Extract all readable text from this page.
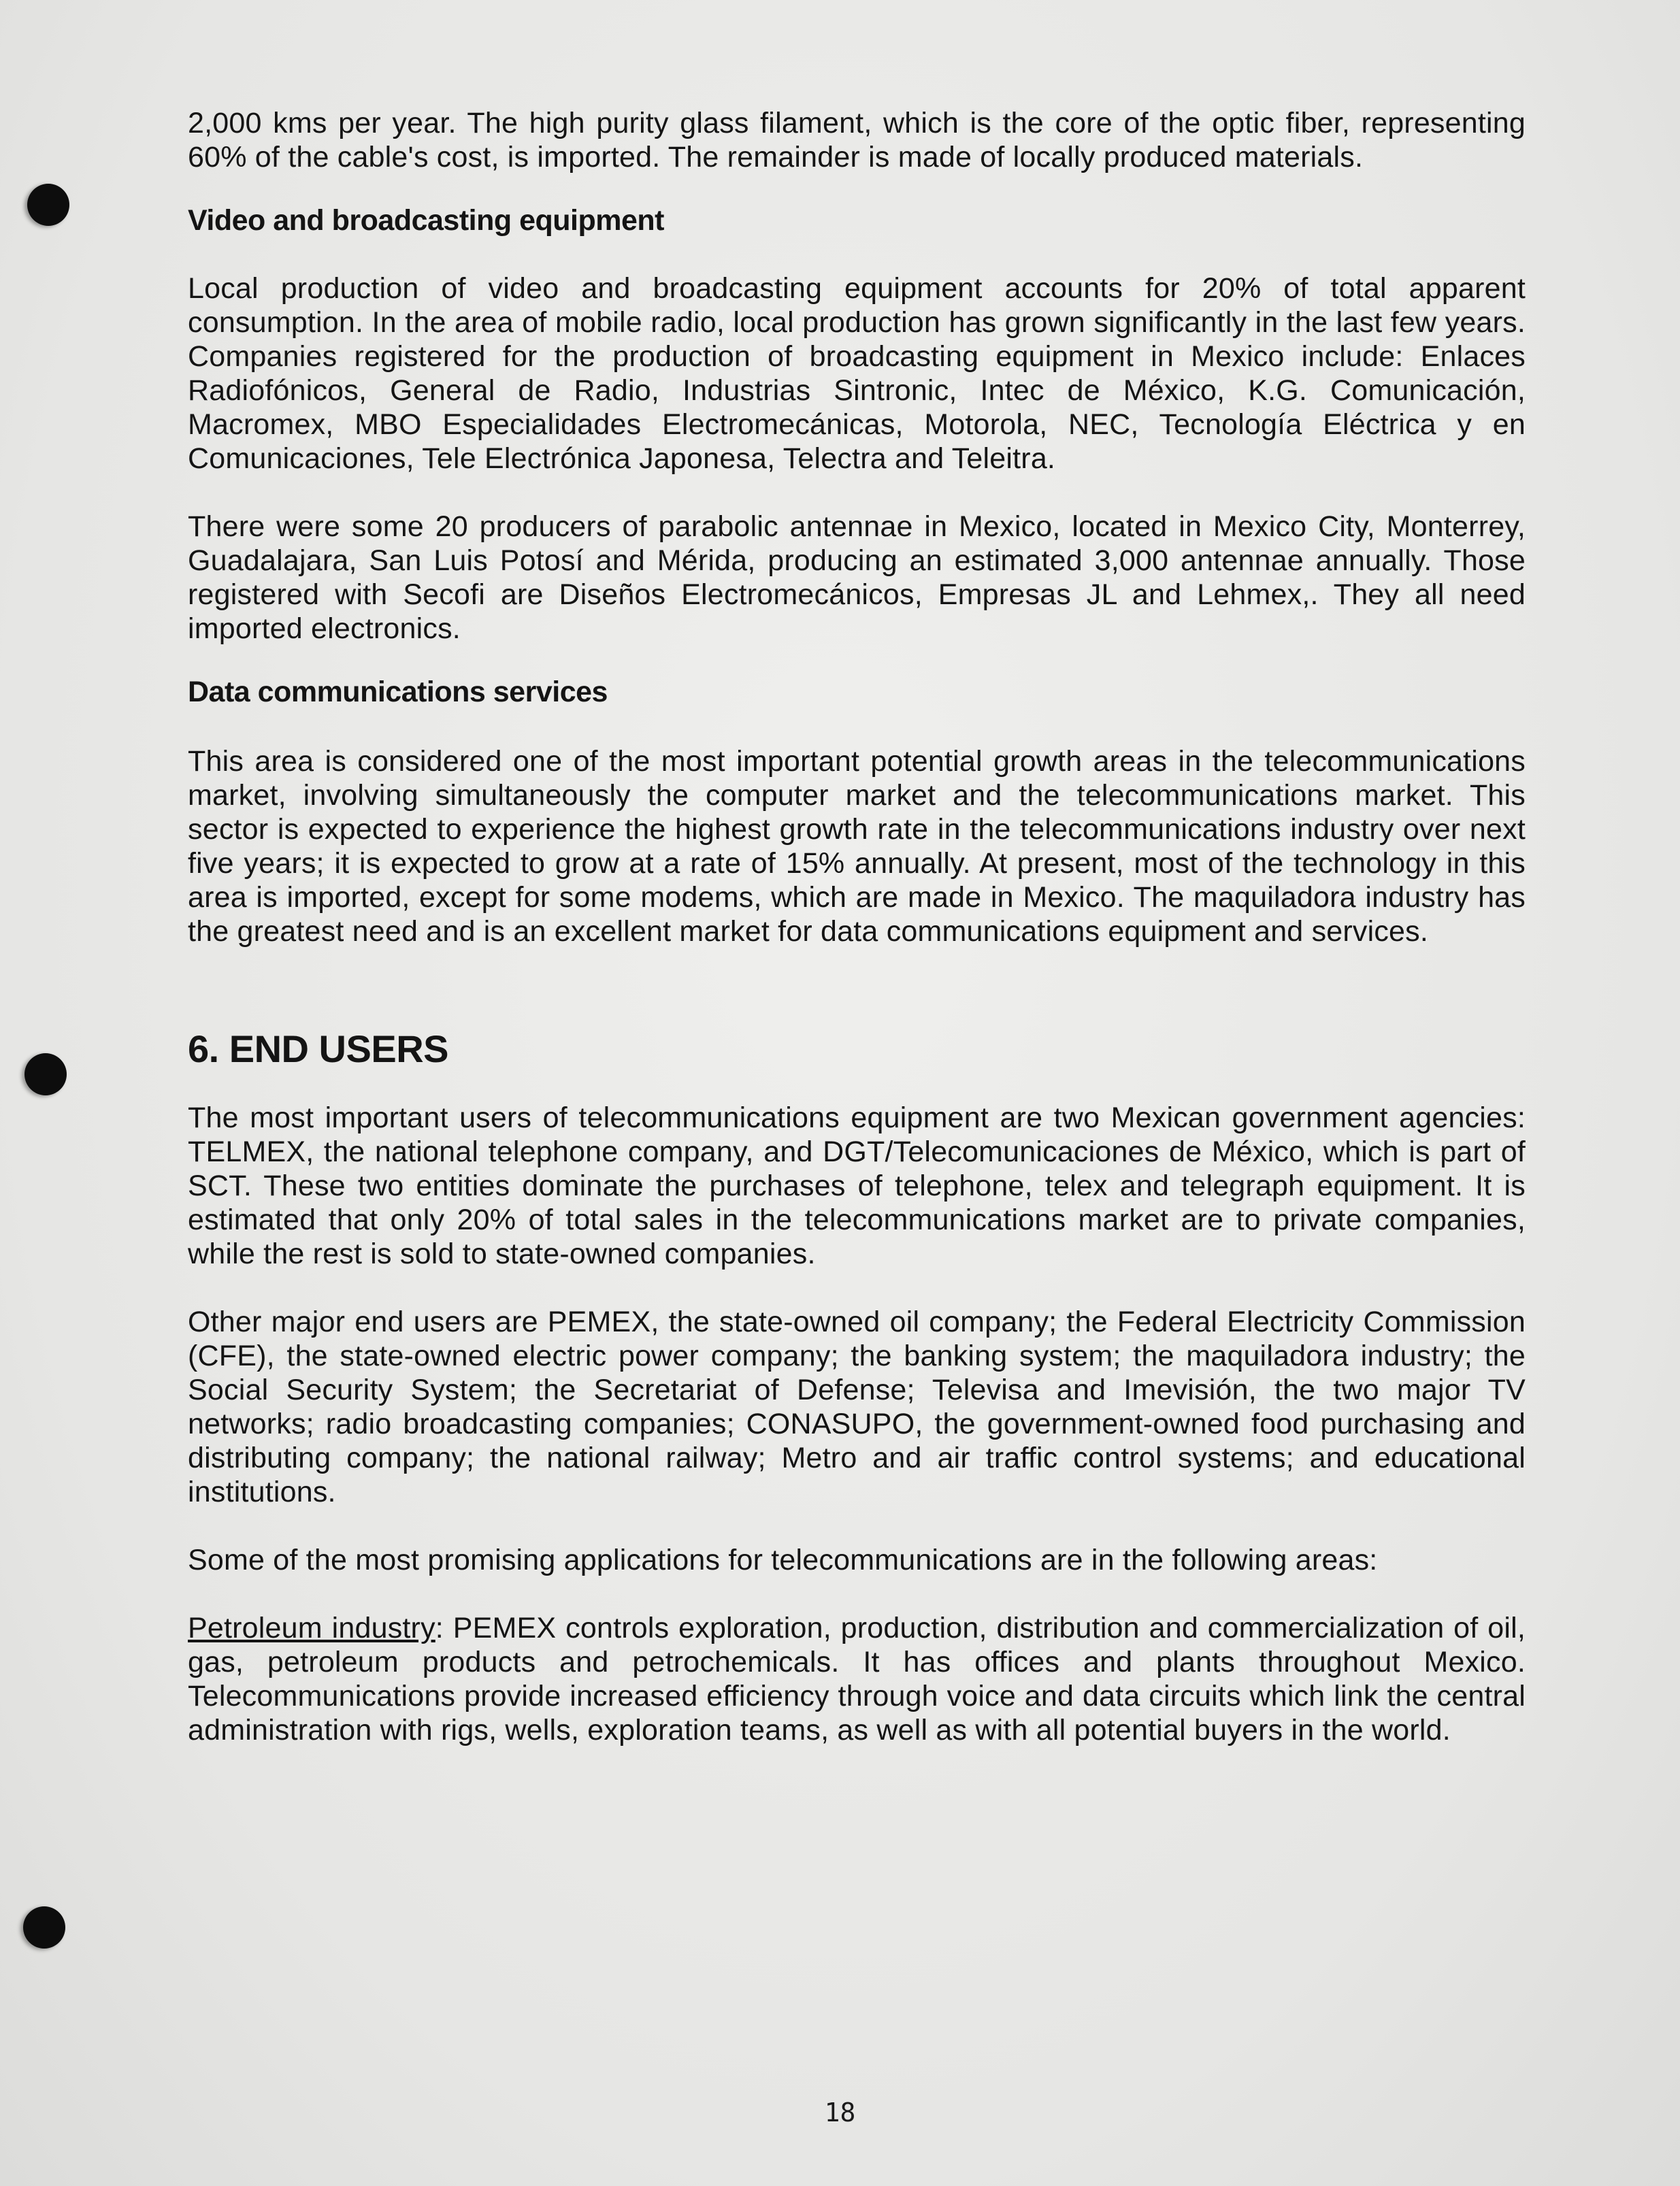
2,000 kms per year. The high purity glass filament, which is the core of the optic fiber, representing 60% of the cable's cost, is imported. The remainder is made of locally produced materials.

Video and broadcasting equipment

Local production of video and broadcasting equipment accounts for 20% of total apparent consumption. In the area of mobile radio, local production has grown significantly in the last few years. Companies registered for the production of broadcasting equipment in Mexico include: Enlaces Radiofónicos, General de Radio, Industrias Sintronic, Intec de México, K.G. Comunicación, Macromex, MBO Especialidades Electromecánicas, Motorola, NEC, Tecnología Eléctrica y en Comunicaciones, Tele Electrónica Japonesa, Telectra and Teleitra.

There were some 20 producers of parabolic antennae in Mexico, located in Mexico City, Monterrey, Guadalajara, San Luis Potosí and Mérida, producing an estimated 3,000 antennae annually. Those registered with Secofi are Diseños Electromecánicos, Empresas JL and Lehmex,. They all need imported electronics.

Data communications services

This area is considered one of the most important potential growth areas in the telecommunications market, involving simultaneously the computer market and the telecommunications market. This sector is expected to experience the highest growth rate in the telecommunications industry over next five years; it is expected to grow at a rate of 15% annually. At present, most of the technology in this area is imported, except for some modems, which are made in Mexico. The maquiladora industry has the greatest need and is an excellent market for data communications equipment and services.

6. END USERS

The most important users of telecommunications equipment are two Mexican government agencies: TELMEX, the national telephone company, and DGT/Telecomunicaciones de México, which is part of SCT. These two entities dominate the purchases of telephone, telex and telegraph equipment. It is estimated that only 20% of total sales in the telecommunications market are to private companies, while the rest is sold to state-owned companies.

Other major end users are PEMEX, the state-owned oil company; the Federal Electricity Commission (CFE), the state-owned electric power company; the banking system; the maquiladora industry; the Social Security System; the Secretariat of Defense; Televisa and Imevisión, the two major TV networks; radio broadcasting companies; CONASUPO, the government-owned food purchasing and distributing company; the national railway; Metro and air traffic control systems; and educational institutions.

Some of the most promising applications for telecommunications are in the following areas:

Petroleum industry: PEMEX controls exploration, production, distribution and commercialization of oil, gas, petroleum products and petrochemicals. It has offices and plants throughout Mexico. Telecommunications provide increased efficiency through voice and data circuits which link the central administration with rigs, wells, exploration teams, as well as with all potential buyers in the world.

18
